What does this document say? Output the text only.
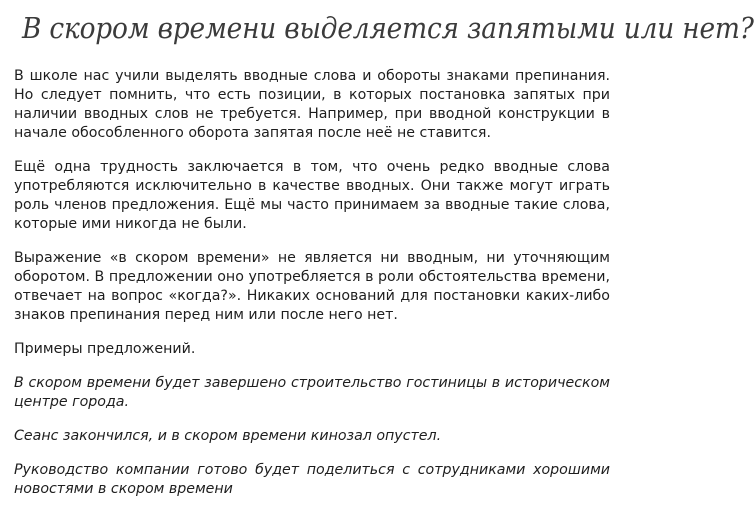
В скором времени выделяется запятыми или нет?

В школе нас учили выделять вводные слова и обороты знаками препинания. Но следует помнить, что есть позиции, в которых постановка запятых при наличии вводных слов не требуется. Например, при вводной конструкции в начале обособленного оборота запятая после неё не ставится.

Ещё одна трудность заключается в том, что очень редко вводные слова употребляются исключительно в качестве вводных. Они также могут играть роль членов предложения. Ещё мы часто принимаем за вводные такие слова, которые ими никогда не были.

Выражение «в скором времени» не является ни вводным, ни уточняющим оборотом. В предложении оно употребляется в роли обстоятельства времени, отвечает на вопрос «когда?». Никаких оснований для постановки каких-либо знаков препинания перед ним или после него нет.

Примеры предложений.

В скором времени будет завершено строительство гостиницы в историческом центре города.

Сеанс закончился, и в скором времени кинозал опустел.

Руководство компании готово будет поделиться с сотрудниками хорошими новостями в скором времени
